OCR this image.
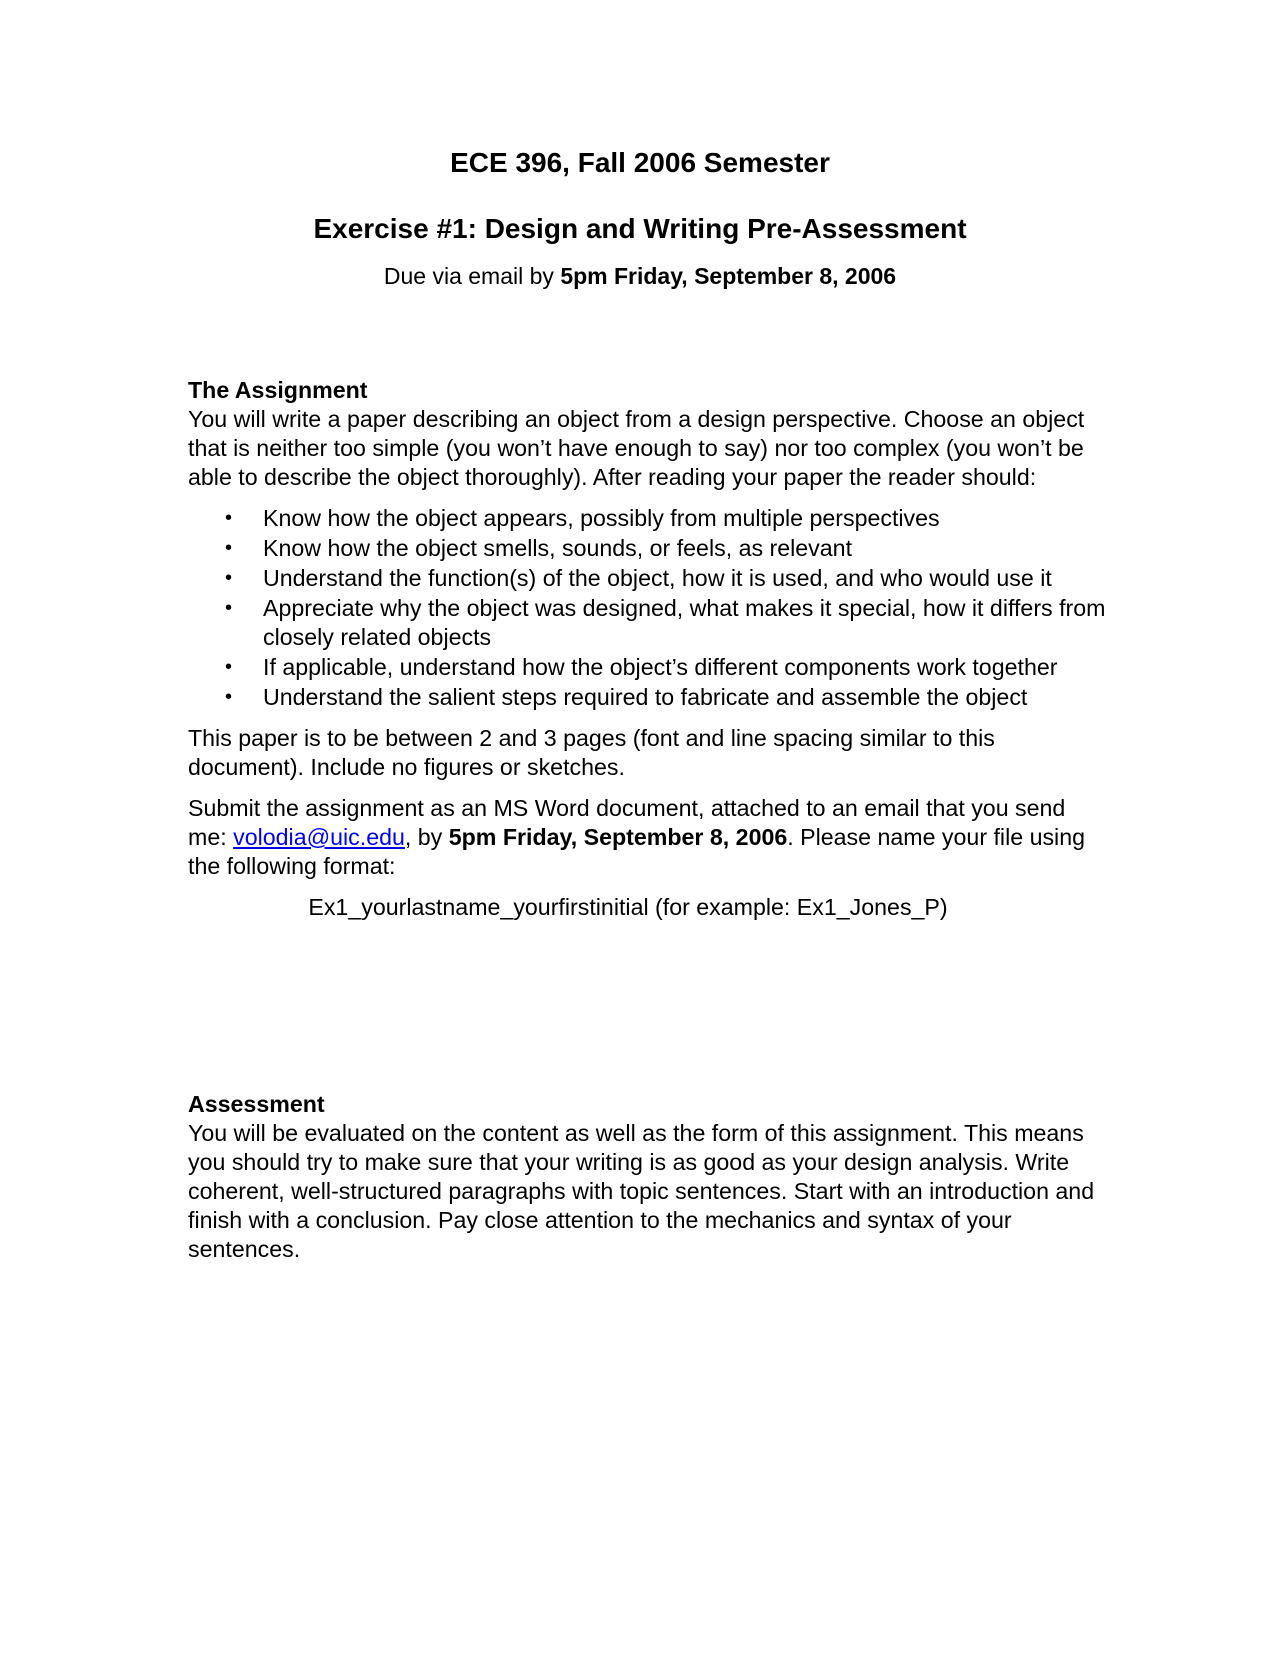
ECE 396, Fall 2006 Semester
Exercise #1: Design and Writing Pre-Assessment

Due via email by 5pm Friday, September 8, 2006

The Assignment

You will write a paper describing an object from a design perspective. Choose an object that is neither too simple (you won’t have enough to say) nor too complex (you won’t be able to describe the object thoroughly). After reading your paper the reader should:

• Know how the object appears, possibly from multiple perspectives
• Know how the object smells, sounds, or feels, as relevant
• Understand the function(s) of the object, how it is used, and who would use it
• Appreciate why the object was designed, what makes it special, how it differs from closely related objects
• If applicable, understand how the object’s different components work together
• Understand the salient steps required to fabricate and assemble the object

This paper is to be between 2 and 3 pages (font and line spacing similar to this document). Include no figures or sketches.

Submit the assignment as an MS Word document, attached to an email that you send me: volodia@uic.edu, by 5pm Friday, September 8, 2006. Please name your file using the following format:

Ex1_yourlastname_yourfirstinitial (for example: Ex1_Jones_P)

Assessment

You will be evaluated on the content as well as the form of this assignment. This means you should try to make sure that your writing is as good as your design analysis. Write coherent, well-structured paragraphs with topic sentences. Start with an introduction and finish with a conclusion. Pay close attention to the mechanics and syntax of your sentences.
